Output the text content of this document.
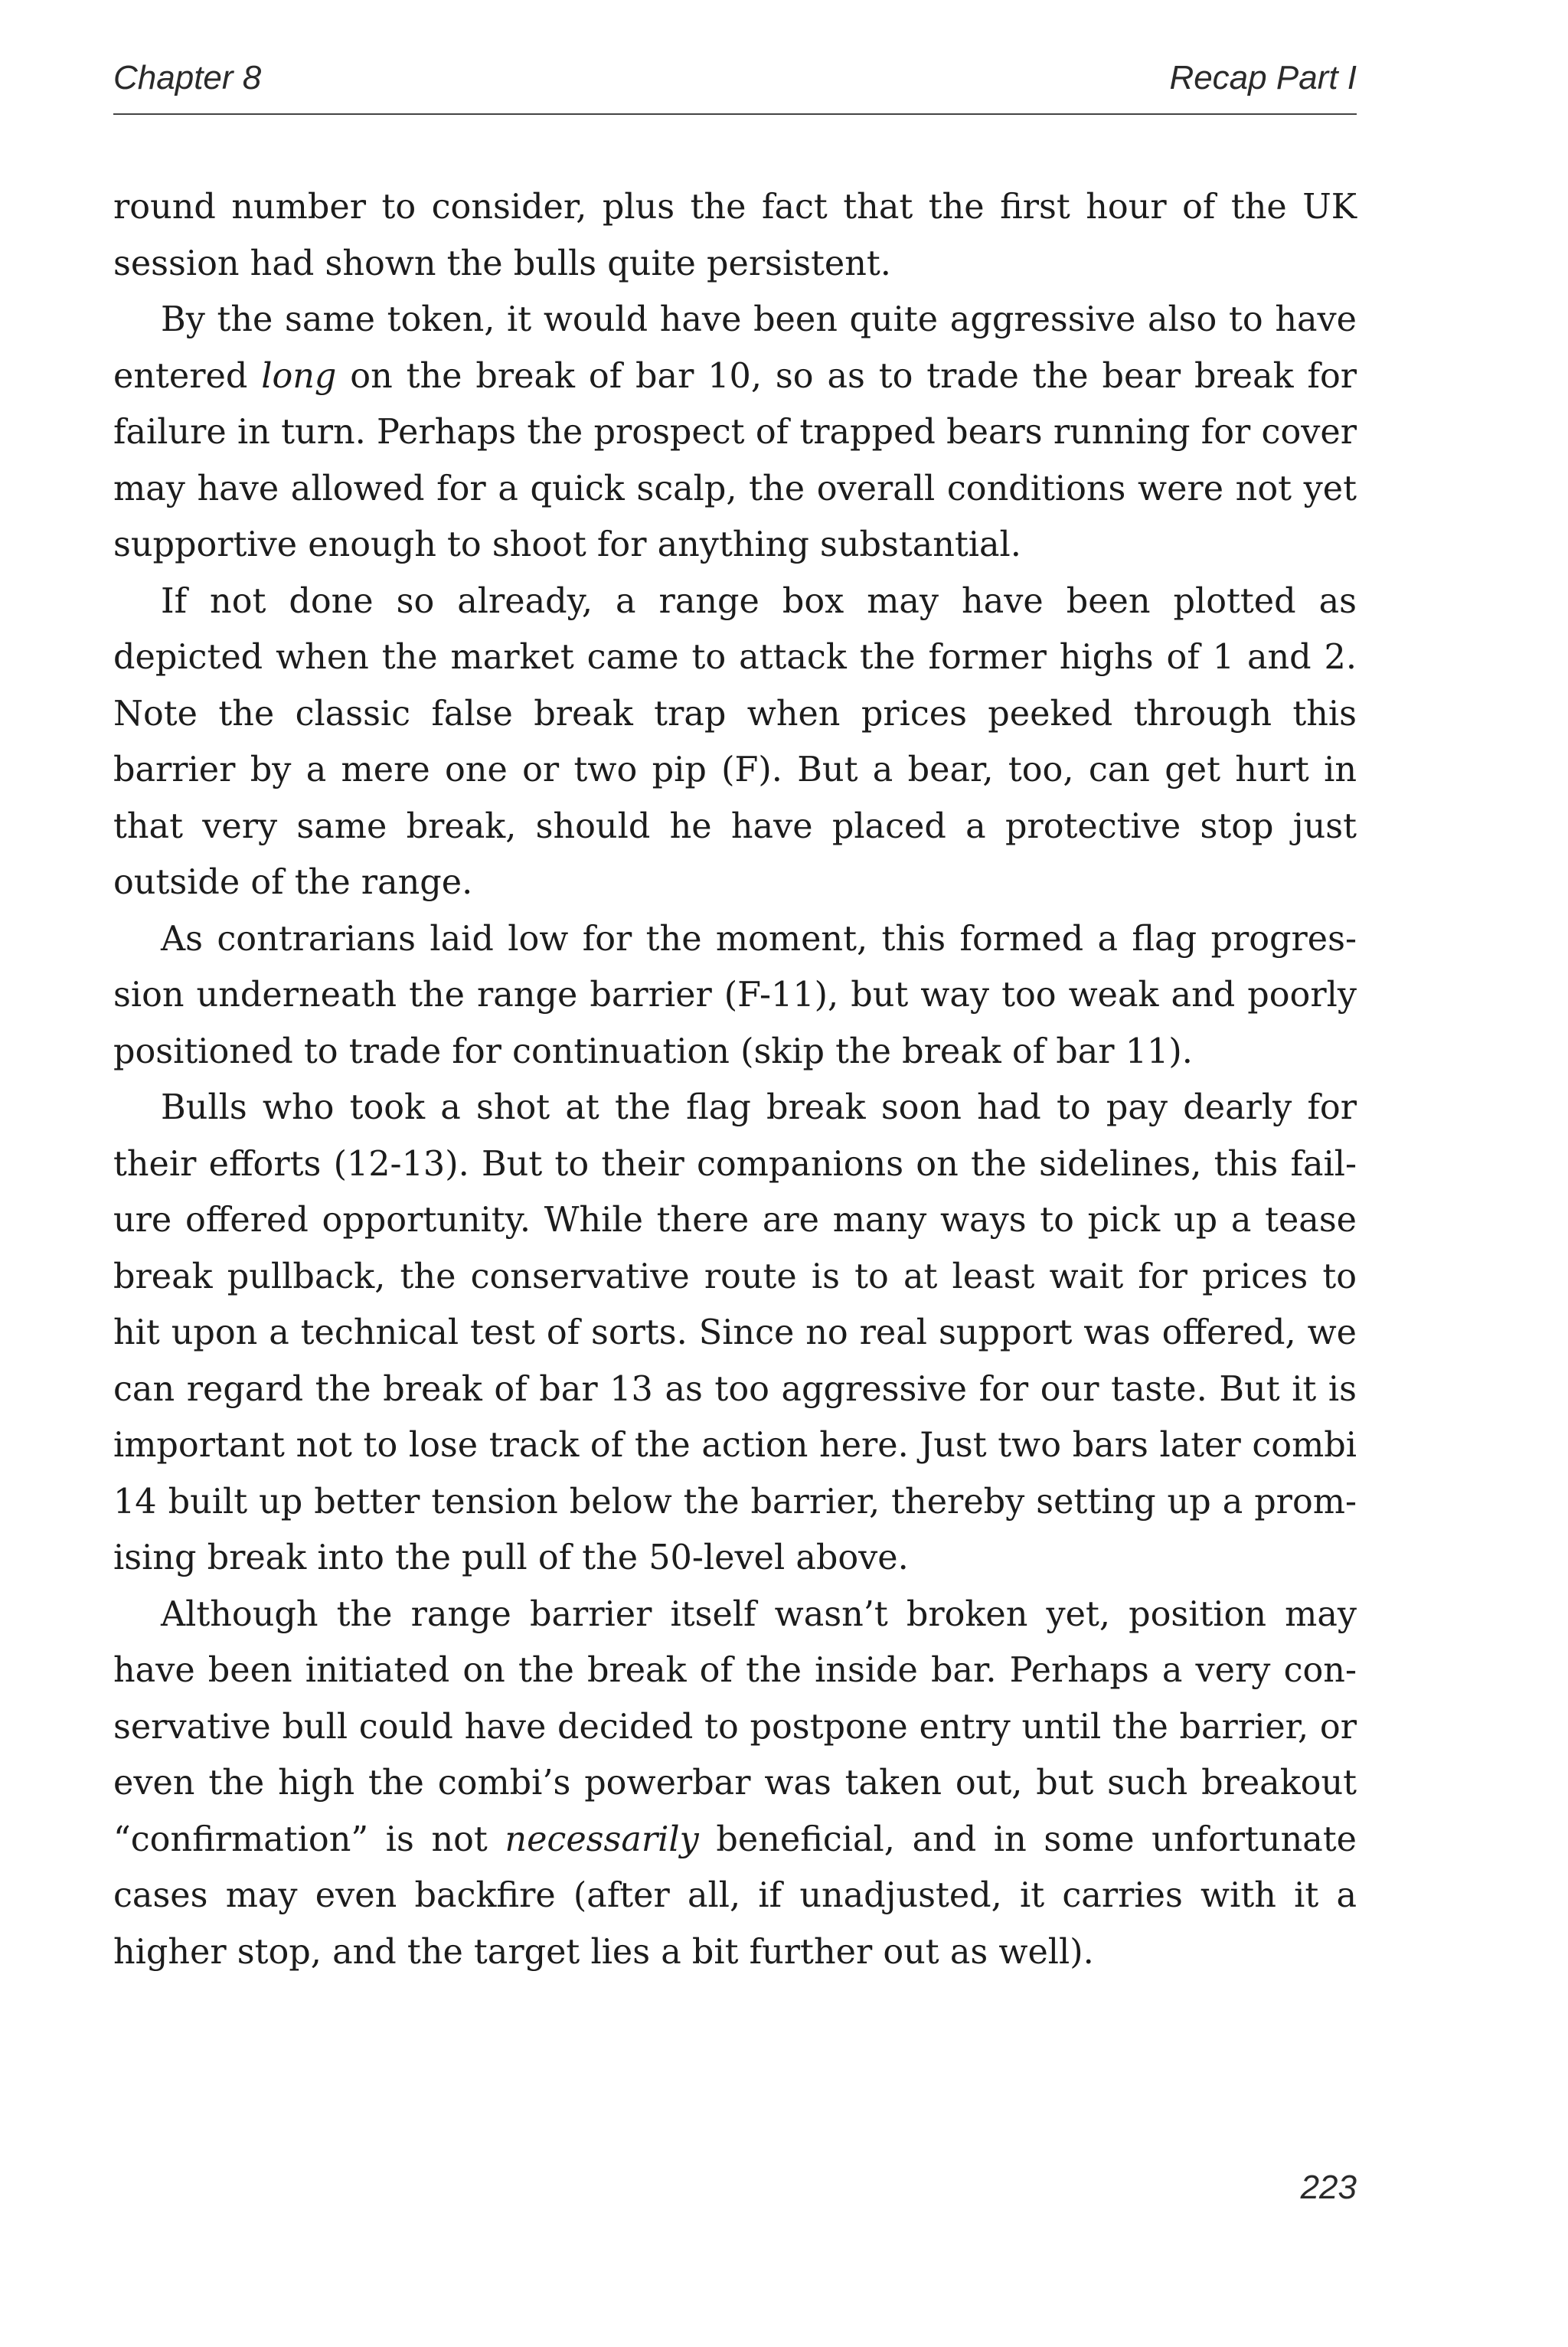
Chapter 8	Recap Part I

round number to consider, plus the fact that the first hour of the UK session had shown the bulls quite persistent.

By the same token, it would have been quite aggressive also to have entered long on the break of bar 10, so as to trade the bear break for failure in turn. Perhaps the prospect of trapped bears running for cover may have allowed for a quick scalp, the overall conditions were not yet supportive enough to shoot for anything substantial.

If not done so already, a range box may have been plotted as depicted when the market came to attack the former highs of 1 and 2. Note the classic false break trap when prices peeked through this barrier by a mere one or two pip (F). But a bear, too, can get hurt in that very same break, should he have placed a protective stop just outside of the range.

As contrarians laid low for the moment, this formed a flag progression underneath the range barrier (F-11), but way too weak and poorly positioned to trade for continuation (skip the break of bar 11).

Bulls who took a shot at the flag break soon had to pay dearly for their efforts (12-13). But to their companions on the sidelines, this failure offered opportunity. While there are many ways to pick up a tease break pullback, the conservative route is to at least wait for prices to hit upon a technical test of sorts. Since no real support was offered, we can regard the break of bar 13 as too aggressive for our taste. But it is important not to lose track of the action here. Just two bars later combi 14 built up better tension below the barrier, thereby setting up a promising break into the pull of the 50-level above.

Although the range barrier itself wasn’t broken yet, position may have been initiated on the break of the inside bar. Perhaps a very conservative bull could have decided to postpone entry until the barrier, or even the high the combi’s powerbar was taken out, but such breakout “confirmation” is not necessarily beneficial, and in some unfortunate cases may even backfire (after all, if unadjusted, it carries with it a higher stop, and the target lies a bit further out as well).

223
